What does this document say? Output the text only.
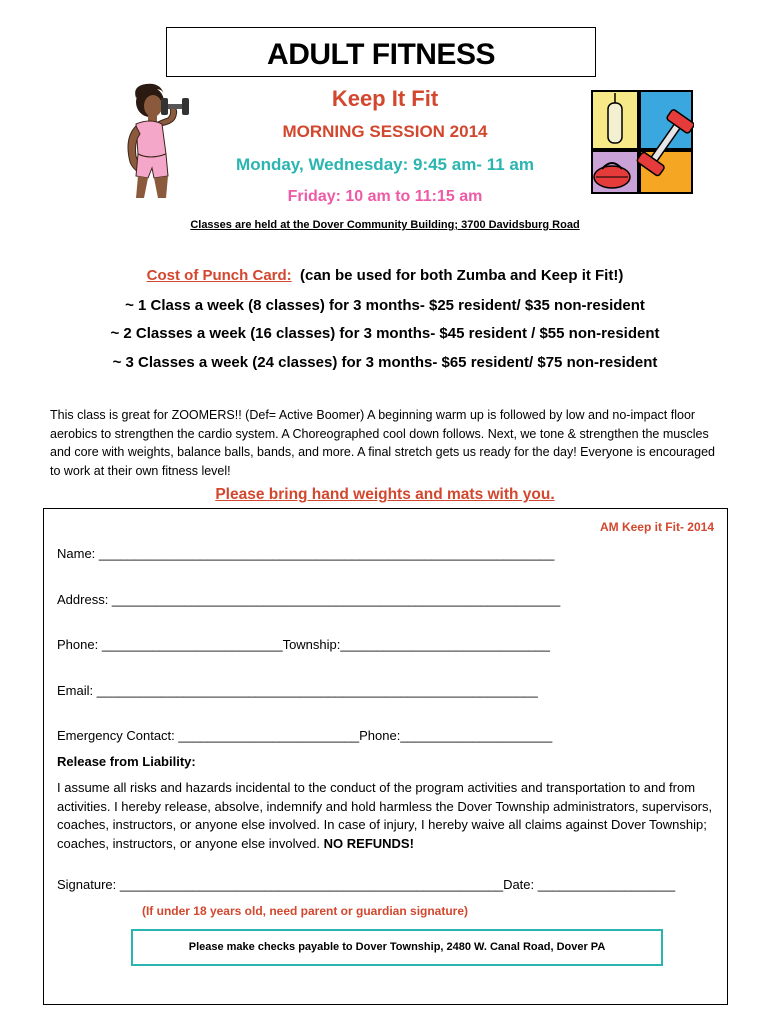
ADULT FITNESS
Keep It Fit
MORNING SESSION 2014
Monday, Wednesday: 9:45 am- 11 am
Friday: 10 am to 11:15 am
Classes are held at the Dover Community Building; 3700 Davidsburg Road
Cost of Punch Card: (can be used for both Zumba and Keep it Fit!)
~ 1 Class a week (8 classes) for 3 months- $25 resident/ $35 non-resident
~ 2 Classes a week (16 classes) for 3 months- $45 resident / $55 non-resident
~ 3 Classes a week (24 classes) for 3 months- $65 resident/ $75 non-resident
This class is great for ZOOMERS!! (Def= Active Boomer) A beginning warm up is followed by low and no-impact floor aerobics to strengthen the cardio system. A Choreographed cool down follows. Next, we tone & strengthen the muscles and core with weights, balance balls, bands, and more. A final stretch gets us ready for the day! Everyone is encouraged to work at their own fitness level!
Please bring hand weights and mats with you.
AM Keep it Fit- 2014
Name: _______________________________________________________________
Address: ______________________________________________________________
Phone: _________________________Township:_____________________________
Email: _____________________________________________________________
Emergency Contact: _________________________Phone:_____________________
Release from Liability:
I assume all risks and hazards incidental to the conduct of the program activities and transportation to and from activities. I hereby release, absolve, indemnify and hold harmless the Dover Township administrators, supervisors, coaches, instructors, or anyone else involved. In case of injury, I hereby waive all claims against Dover Township; coaches, instructors, or anyone else involved. NO REFUNDS!
Signature: _____________________________________________________Date: ___________________
(If under 18 years old, need parent or guardian signature)
Please make checks payable to Dover Township, 2480 W. Canal Road, Dover PA
